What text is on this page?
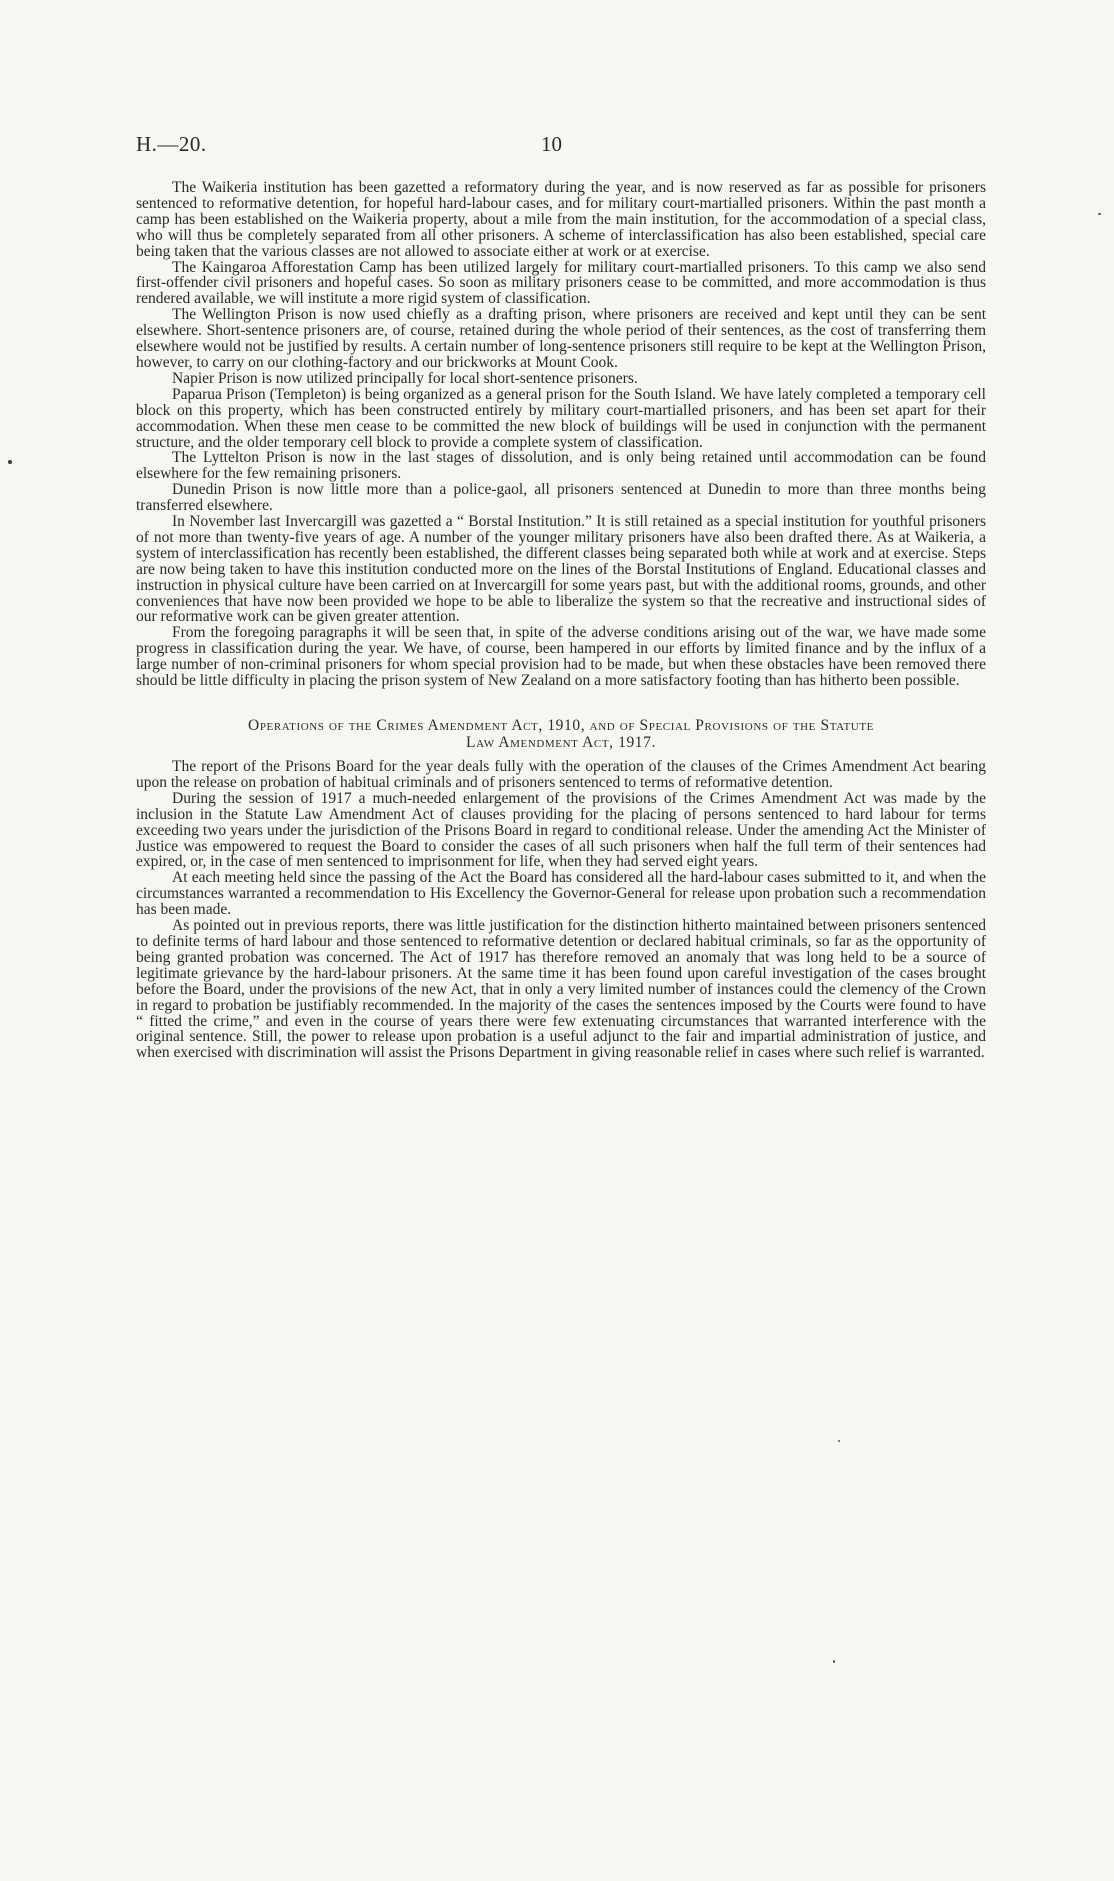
H.—20.	10

The Waikeria institution has been gazetted a reformatory during the year, and is now reserved as far as possible for prisoners sentenced to reformative detention, for hopeful hard-labour cases, and for military court-martialled prisoners. Within the past month a camp has been established on the Waikeria property, about a mile from the main institution, for the accommodation of a special class, who will thus be completely separated from all other prisoners. A scheme of interclassification has also been established, special care being taken that the various classes are not allowed to associate either at work or at exercise.

The Kaingaroa Afforestation Camp has been utilized largely for military court-martialled prisoners. To this camp we also send first-offender civil prisoners and hopeful cases. So soon as military prisoners cease to be committed, and more accommodation is thus rendered available, we will institute a more rigid system of classification.

The Wellington Prison is now used chiefly as a drafting prison, where prisoners are received and kept until they can be sent elsewhere. Short-sentence prisoners are, of course, retained during the whole period of their sentences, as the cost of transferring them elsewhere would not be justified by results. A certain number of long-sentence prisoners still require to be kept at the Wellington Prison, however, to carry on our clothing-factory and our brickworks at Mount Cook.

Napier Prison is now utilized principally for local short-sentence prisoners.

Paparua Prison (Templeton) is being organized as a general prison for the South Island. We have lately completed a temporary cell block on this property, which has been constructed entirely by military court-martialled prisoners, and has been set apart for their accommodation. When these men cease to be committed the new block of buildings will be used in conjunction with the permanent structure, and the older temporary cell block to provide a complete system of classification.

The Lyttelton Prison is now in the last stages of dissolution, and is only being retained until accommodation can be found elsewhere for the few remaining prisoners.

Dunedin Prison is now little more than a police-gaol, all prisoners sentenced at Dunedin to more than three months being transferred elsewhere.

In November last Invercargill was gazetted a “ Borstal Institution.” It is still retained as a special institution for youthful prisoners of not more than twenty-five years of age. A number of the younger military prisoners have also been drafted there. As at Waikeria, a system of interclassification has recently been established, the different classes being separated both while at work and at exercise. Steps are now being taken to have this institution conducted more on the lines of the Borstal Institutions of England. Educational classes and instruction in physical culture have been carried on at Invercargill for some years past, but with the additional rooms, grounds, and other conveniences that have now been provided we hope to be able to liberalize the system so that the recreative and instructional sides of our reformative work can be given greater attention.

From the foregoing paragraphs it will be seen that, in spite of the adverse conditions arising out of the war, we have made some progress in classification during the year. We have, of course, been hampered in our efforts by limited finance and by the influx of a large number of non-criminal prisoners for whom special provision had to be made, but when these obstacles have been removed there should be little difficulty in placing the prison system of New Zealand on a more satisfactory footing than has hitherto been possible.

Operations of the Crimes Amendment Act, 1910, and of Special Provisions of the Statute
Law Amendment Act, 1917.

The report of the Prisons Board for the year deals fully with the operation of the clauses of the Crimes Amendment Act bearing upon the release on probation of habitual criminals and of prisoners sentenced to terms of reformative detention.

During the session of 1917 a much-needed enlargement of the provisions of the Crimes Amendment Act was made by the inclusion in the Statute Law Amendment Act of clauses providing for the placing of persons sentenced to hard labour for terms exceeding two years under the jurisdiction of the Prisons Board in regard to conditional release. Under the amending Act the Minister of Justice was empowered to request the Board to consider the cases of all such prisoners when half the full term of their sentences had expired, or, in the case of men sentenced to imprisonment for life, when they had served eight years.

At each meeting held since the passing of the Act the Board has considered all the hard-labour cases submitted to it, and when the circumstances warranted a recommendation to His Excellency the Governor-General for release upon probation such a recommendation has been made.

As pointed out in previous reports, there was little justification for the distinction hitherto maintained between prisoners sentenced to definite terms of hard labour and those sentenced to reformative detention or declared habitual criminals, so far as the opportunity of being granted probation was concerned. The Act of 1917 has therefore removed an anomaly that was long held to be a source of legitimate grievance by the hard-labour prisoners. At the same time it has been found upon careful investigation of the cases brought before the Board, under the provisions of the new Act, that in only a very limited number of instances could the clemency of the Crown in regard to probation be justifiably recommended. In the majority of the cases the sentences imposed by the Courts were found to have “ fitted the crime,” and even in the course of years there were few extenuating circumstances that warranted interference with the original sentence. Still, the power to release upon probation is a useful adjunct to the fair and impartial administration of justice, and when exercised with discrimination will assist the Prisons Department in giving reasonable relief in cases where such relief is warranted.
